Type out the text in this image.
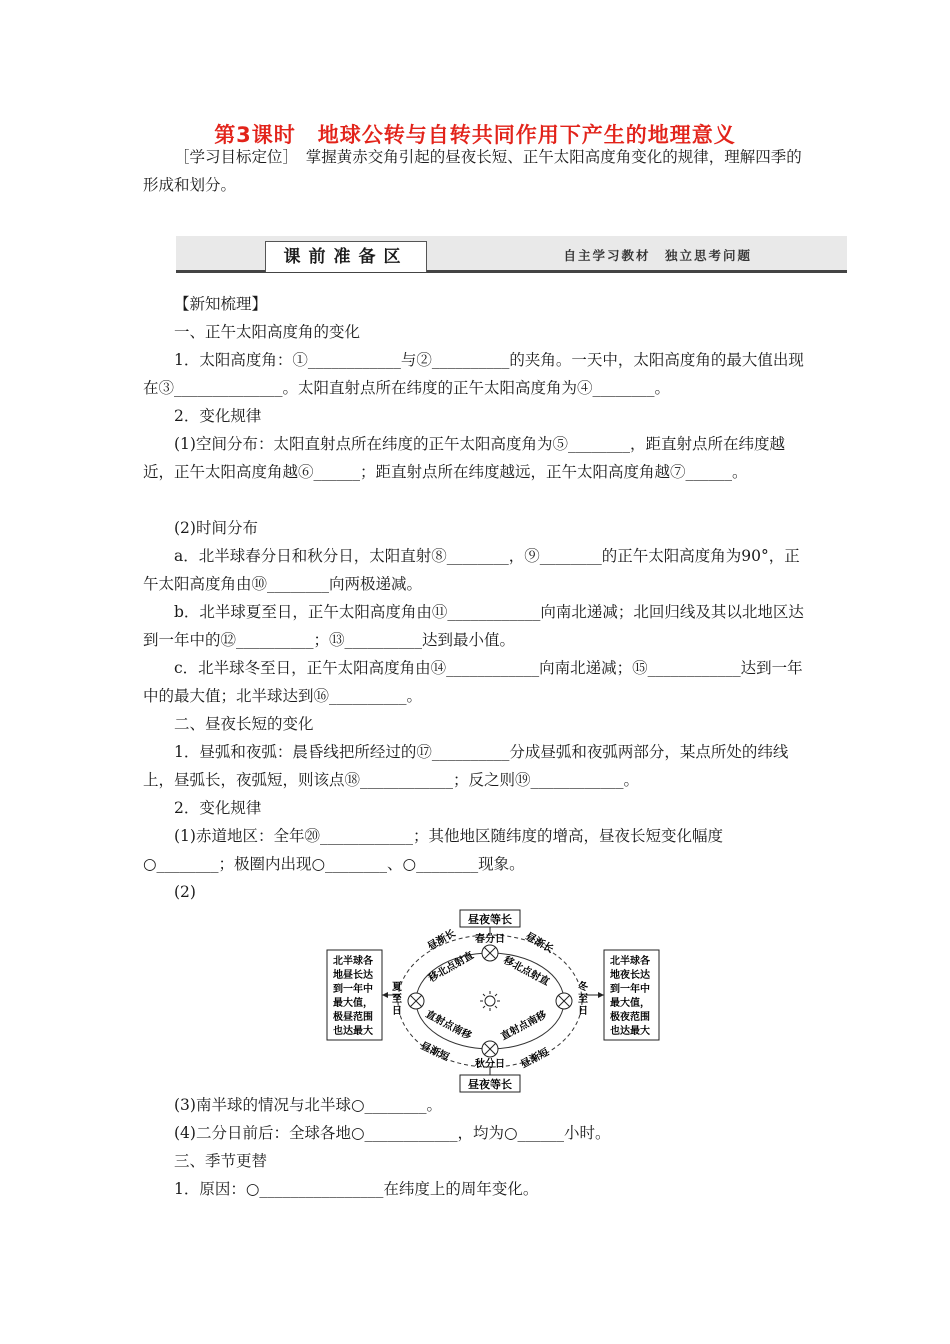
第3课时　地球公转与自转共同作用下产生的地理意义

［学习目标定位］　掌握黄赤交角引起的昼夜长短、正午太阳高度角变化的规律，理解四季的形成和划分。

课前准备区	自主学习教材　独立思考问题

【新知梳理】

一、正午太阳高度角的变化

1．太阳高度角：①____________与②__________的夹角。一天中，太阳高度角的最大值出现在③______________。太阳直射点所在纬度的正午太阳高度角为④________。

2．变化规律

(1)空间分布：太阳直射点所在纬度的正午太阳高度角为⑤________，距直射点所在纬度越近，正午太阳高度角越⑥______；距直射点所在纬度越远，正午太阳高度角越⑦______。

(2)时间分布

a．北半球春分日和秋分日，太阳直射⑧________，⑨________的正午太阳高度角为90°，正午太阳高度角由⑩________向两极递减。

b．北半球夏至日，正午太阳高度角由⑪____________向南北递减；北回归线及其以北地区达到一年中的⑫__________；⑬__________达到最小值。

c．北半球冬至日，正午太阳高度角由⑭____________向南北递减；⑮____________达到一年中的最大值；北半球达到⑯__________。

二、昼夜长短的变化

1．昼弧和夜弧：晨昏线把所经过的⑰__________分成昼弧和夜弧两部分，某点所处的纬线上，昼弧长，夜弧短，则该点⑱____________；反之则⑲____________。

2．变化规律

(1)赤道地区：全年⑳____________；其他地区随纬度的增高，昼夜长短变化幅度○________；极圈内出现○________、○________现象。

(2)

昼夜等长
昼夜等长
北半球各 地昼长达 到一年中 最大值， 极昼范围 也达最大
北半球各 地夜长达 到一年中 最大值， 极夜范围 也达最大
春分日
秋分日
夏至日
冬至日
昼渐长	昼渐长
昼渐短	昼渐短
移北点射直	移北点射直
直射点南移	直射点南移

(3)南半球的情况与北半球○________。

(4)二分日前后：全球各地○____________，均为○______小时。

三、季节更替

1．原因：○________________在纬度上的周年变化。
